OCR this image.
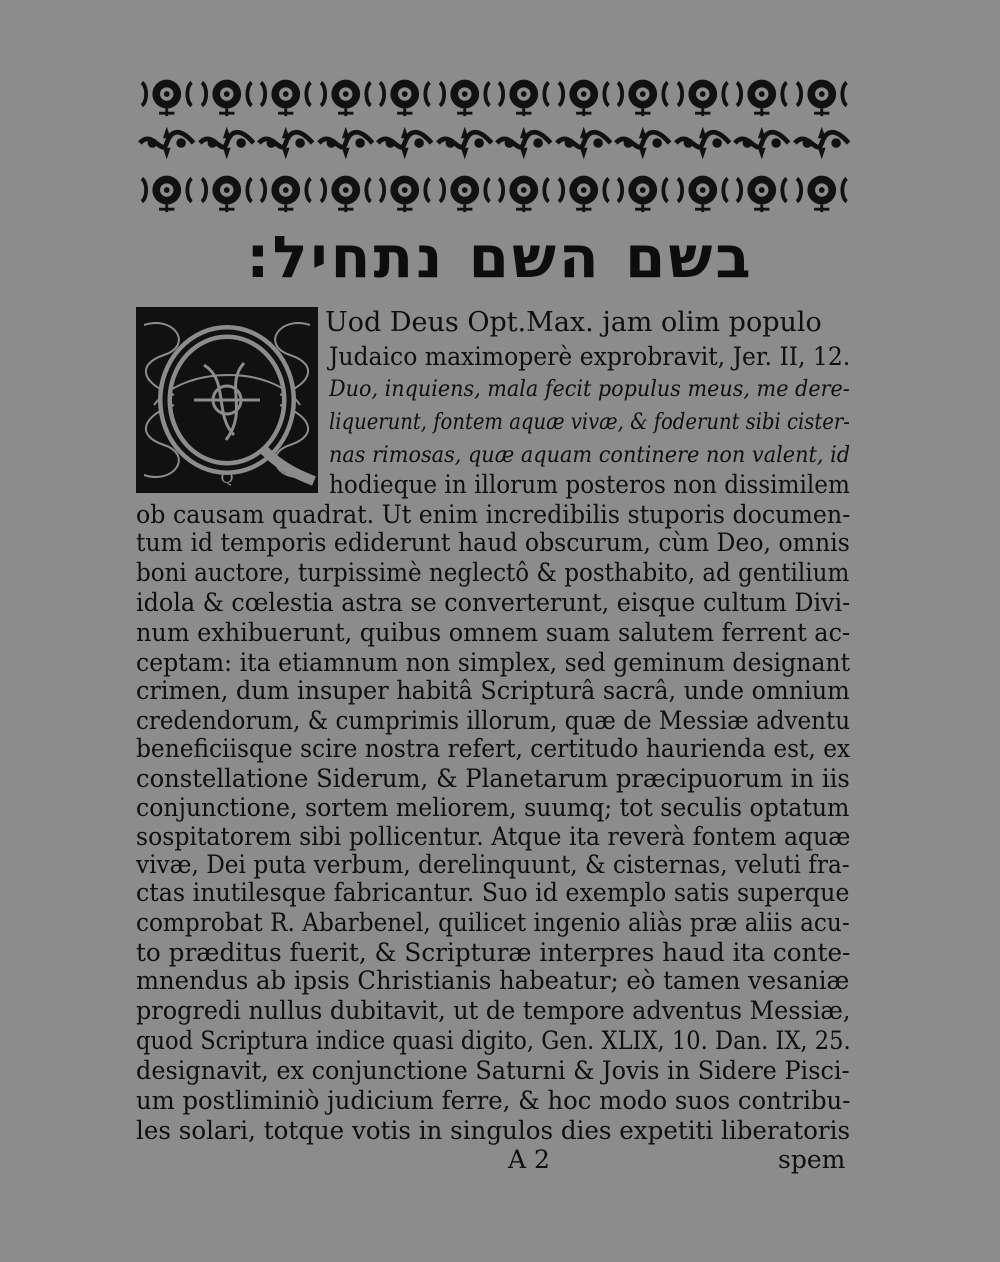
בשם השם נתחיל:
Q
Uod Deus Opt.Max. jam olim populo
Judaico maximoperè exprobravit, Jer. II, 12.
Duo, inquiens, mala fecit populus meus, me dere-
liquerunt, fontem aquæ vivæ, & foderunt sibi cister-
nas rimosas, quæ aquam continere non valent, id
hodieque in illorum posteros non dissimilem
ob causam quadrat. Ut enim incredibilis stuporis documen-
tum id temporis ediderunt haud obscurum, cùm Deo, omnis
boni auctore, turpissimè neglectô & posthabito, ad gentilium
idola & cœlestia astra se converterunt, eisque cultum Divi-
num exhibuerunt, quibus omnem suam salutem ferrent ac-
ceptam: ita etiamnum non simplex, sed geminum designant
crimen, dum insuper habitâ Scripturâ sacrâ, unde omnium
credendorum, & cumprimis illorum, quæ de Messiæ adventu
beneficiisque scire nostra refert, certitudo haurienda est, ex
constellatione Siderum, & Planetarum præcipuorum in iis
conjunctione, sortem meliorem, suumq; tot seculis optatum
sospitatorem sibi pollicentur. Atque ita reverà fontem aquæ
vivæ, Dei puta verbum, derelinquunt, & cisternas, veluti fra-
ctas inutilesque fabricantur. Suo id exemplo satis superque
comprobat R. Abarbenel, quilicet ingenio aliàs præ aliis acu-
to præditus fuerit, & Scripturæ interpres haud ita conte-
mnendus ab ipsis Christianis habeatur; eò tamen vesaniæ
progredi nullus dubitavit, ut de tempore adventus Messiæ,
quod Scriptura indice quasi digito, Gen. XLIX, 10. Dan. IX, 25.
designavit, ex conjunctione Saturni & Jovis in Sidere Pisci-
um postliminiò judicium ferre, & hoc modo suos contribu-
les solari, totque votis in singulos dies expetiti liberatoris
A 2	spem
